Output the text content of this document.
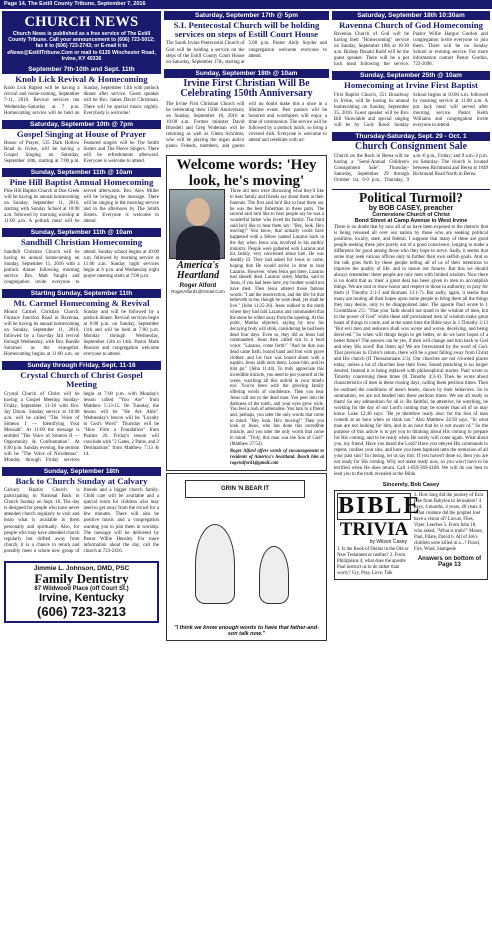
Page 14, The Estill County Tribune, September 7, 2016
CHURCH NEWS
Church News is published as a free service of The Estill County Tribune. Call your announcement to (606) 723-5012; fax it to (606) 723-2743; or E-mail it to eNews@EstillTribune.Com or mail to 6135 Winchester Road, Irvine, KY 40336
September 7th-10th and Sept. 11th
Knob Lick Revival & Homecoming
Knob Lick Baptist will be having a revival and home-coming, September 7-11, 2016. Revival services run Wednesday-Saturday at 7 p.m. Homecoming service will be held on Sunday, September 11th with potluck dinner after service. Guest speaker will be Bro. James David Christman. There will be special music nightly. Everybody is welcome!
Saturday, September 10th @ 7pm
Gospel Singing at House of Prayer
House of Prayer, 535 Dark Hollow Road in Irvine, will be having a Gospel Singing on Saturday, September 10th, starting at 7:00 p.m. Featured singers will be The Smith Sisters and The Pierce Singers. There will be refreshments afterward. Everyone is welcome to attend.
Sunday, September 11th @ 10am
Pine Hill Baptist Annual Homecoming
Pine Hill Baptist Church at Doe Creek will be having its annual homecoming on Sunday, September 11, 2016, starting with Sunday School at 10:00 a.m. followed by morning worship at 11:00 a.m. A potluck meal will be served afterwards. Bro. Alex Miller will be bringing the message. There will be singing in the morning service and in the afternoon by The Smith Sisters. Everyone is welcome to attend.
Sunday, September 11th @ 10am
Sandhill Christian Homecoming
Sandhill Christian Church will be having its annual homecoming on Sunday, September 11, 2016 with a potluck dinner following morning service. Bro. Matt Vaught and congregation invite everyone to attend. Sunday school begins at 10:00 a.m. followed by morning service at 11:00 a.m. Sunday night services begin at 6 p.m. and Wednesday night prayer meeting starts at 7:00 p.m.
Starting Sunday, September 11th
Mt. Carmel Homecoming & Revival
Mount Carmel Christian Church, Furnace Junction Road in Ravenna, will be having its annual homecoming on Sunday, September 11, 2016, followed by a four-day fall revival through Wednesday, with Bro. Randle Solomon as the evangelist. Homecoming begins at 11:00 a.m. on Sunday and will be followed by a potluck dinner. Revival services begin at 6:00 p.m. on Sunday, September 11th and will be held at 7:00 p.m. Monday through Wednesday, September 12th to 14th. Pastor Mark Pearson and congregation welcome everyone to attend.
Sunday through Friday, Sept. 11-16
Crystal Church of Christ Gospel Meeting
Crystal Church of Christ will be having a Gospel Meeting Sunday-Friday, September 11-16 with Bro. Jay Dixon. Sunday service at 10:00 a.m. will be called "The Voice of Simeon I — Identifying Your Messiah". At 11:00 the message is entitled "The Voice of Simeon II — Opportunity & Confrontation". At 6:00 p.m. Sunday evening, the sermon will be "The Voice of Nicodemus". Monday through Friday services begin at 7:00 p.m. with Monday's lesson called "You Are" from Matthew 5:13-15. On Tuesday, the lesson will be "He Are Able". Wednesday's lesson will be "Loyalty to God's Word". Thursday will be "How Firm a Foundation" from Psalms 26. Friday's lesson will conclude with "2 Gates, 2 Paths, and 2 Destinations" from Matthew 7:13 & 14.
Sunday, September 18th
Back to Church Sunday at Calvary
Calvary Baptist Church is participating in National Back to Church Sunday on Sept. 18. The day is designed for people who have never attended church regularly to visit and learn what is available to them personally and spiritually. Also, for people who may have attended church regularly but drifted away from church, it is a chance to return and possibly meet a whole new group of friends and a bigger church family. Child care will be available and a special room for children who may need to get away from the crowd for a few minutes. There will also be positive music and a congregation wanting you to join them in worship. The message will be delivered by Pastor Willie Hensley. For more information about the day, call the church at 723-2416.
Jimmie L. Johnson, DMD, PSC
Family Dentistry
87 Wildwood Place (off Court St.)
Irvine, Kentucky
(606) 723-3213
Saturday, September 17th @ 5pm
S.I. Pentecostal Church will be holding services on steps of Estill Court House
The South Irvine Pentecostal Church of God will be holding a service on the steps of the Estill County Court House on Saturday, September 17th, starting at 5:00 p.m. Pastor Andy Snyder and congregation welcome everyone to attend.
Sunday, September 18th @ 10am
Irvine First Christian Will Be Celebrating 150th Anniversary
The Irvine First Christian Church will be celebrating their 150th Anniversary on Sunday, September 18, 2016 at 10:00 a.m. Former minister David Blondell and Greg Wideman will be returning as well as Glenn Schrimer, who will be playing the organ and/or piano. Friends, members, and guests will no doubt make this a once in a lifetime event. Past pastors will be honored and worshipers will enjoy a time of communion. The service will be followed by a potluck lunch, so bring a covered dish. Everyone is welcome to attend and celebrate with us!
Welcome words: 'Hey look, he's moving'
America's Heartland
Roger Alford
RogerAlford1@Gmail.Com
Three old men were discussing what they'd like to hear family and friends say about them at their funerals. The first said he'd like to hear them say he was the best fisherman in these parts. The second said he'd like to hear people say he was a wonderful father who loved his family. The third said he'd like to hear them say: "Hey, look. He's moving!" You know, that actually could have happened with a fellow named Lazarus back in the day when Jesus was involved in his earthly ministry. People were gathered with Lazarus and his family, very concerned about him. He was deathly ill. They had asked for Jesus to come, hoping that He would arrive in time to heal Lazarus. However, when Jesus got there, Lazarus had already died. Lazarus' sister, Martha, said to Jesus, if you had been here, my brother would not have died. Then Jesus uttered those famous words: "I am the resurrection, and the life: he that believeth in me, though he were dead, yet shall he live." (John 11:25-26). Jesus walked to the tomb where they had laid Lazarus and commanded that the stone be rolled away from the opening. At this point, Martha objected, saying by now his decaying body will stink, considering he had been dead four days. Even so, they did as Jesus had commanded. Jesus then called out in a loud voice: "Lazarus, come forth!" "And he that was dead came forth, bound hand and foot with grave clothes: and his face was bound about with a napkin. Jesus saith unto them, Loose him, and let him go." (John 11:44). To truly appreciate this incredible miracle, you need to put yourself at the scene, watching all this unfold in your mind's eye. You've been with the grieving family offering words of condolence. Then you hear Jesus call out to the dead man. You peer into the darkness of the tomb, and your eyes grow wide. You feel a rush of adrenaline. You turn to a friend and, perhaps, you utter the only words that come to mind: "Hey look. He's moving!" Then you look at Jesus, who has done this incredible miracle, and you utter the only words that come to mind: "Truly, this man was the Son of God!" (Matthew 27:54).

Roger Alford offers words of encouragement to residents of America's heartland. Reach him at rogeralford1@gmail.com

GRIN 'N BEAR IT
"I think we know enough words to have that father-and-son talk now."
Saturday, September 18th 10:30am
Ravenna Church of God Homecoming
Ravenna Church of God will be having their "Homecoming" service on Sunday, September 18th at 10:30 a.m. Bishop Donald Rudd will be the guest speaker. There will be a pot luck meal following the service. Pastor Willie Hargus Gordon and congregation invite everyone to join them. There will be no Sunday School or evening service. For more information contact Pastor Gordon, 723-2698.
Sunday, September 25th @ 10am
Homecoming at Irvine First Baptist
First Baptist Church, 351 Broadway in Irvine, will be having its annual homecoming on Sunday, September 25, 2016. Guest speaker will be Bro. Bill Vanwinkle and special singing will be by Cody Rood. Sunday School begins at 10:00 a.m. followed by morning service at 11:00 a.m. A pot luck meal will served after morning service. Pastor Keith Williams and congregation invite everyone to attend.
Thursday-Saturday, Sept. 29 - Oct. 1
Church Consignment Sale
Church on the Rock in Berea will be having a "Semi-Annual Children's Consignment Sale". Thursday-Saturday, September 29 through October 1st, 6-9 p.m., Thursday, 9 a.m.-6 p.m., Friday; and 9 a.m.-2 p.m. on Saturday. The church is located between Richmond and Berea at 1049 Richmond Road North in Berea.
Political Turmoil?
by BOB CASEY, preacher
Cornerstone Church of Christ
Bond Street at Camp Avenue in West Irvine
There is no doubt that by now all of us have been exposed to the rhetoric that is being released all over our nation by those who are seeking political positions, locally, state, and federal. I suppose that many of these are good people seeking these jobs purely out of a good conscience, longing to make a difference for good among those who they hope to serve. Sadly, it seems that some may seek various offices only to further their own selfish goals. And so the talk goes forth by these people telling all of us of their intentions to improve the quality of life, and to insure our futures. But this we should always remember: these people are only men with limited wisdom. Now there is no doubt that as 'men' a great deal has been given to men to accomplish things. We are told to show honor and respect to those in authority, to pray for them (1 Timothy 2:1-3 and Romans 13:1-7). But sadly, again, it seems that many are touting all their hopes upon some people to bring them all the things they may desire, only to be disappointed later. The apostle Paul wrote to 1 Corinthians 2:5: "That your faith should not stand in the wisdom of men, but in the power of God" while these self proclaimed men of wisdom make great boast of things to come, and at the same time the Bible says in 1 Timothy 3:13 "But evil men and seducers shall wax worse and worse, deceiving, and being deceived." So when will things begin to get better, or do we have hopes of a better future? The answer can be yes, if men will change and turn back to God and obey His word! But listen up! We are forewarned by the word of God. That previous to Christ's return, there will be a great falling away from Christ and His church (II Thessalonians 2:3). Our churches are not crowded places today, unless a lot of churches lose their lives. Sound preaching is no longer desired. Instead it is being replaced with philosophical stories. Paul wrote to Timothy concerning these times (II Timothy 4:3-4). Then he wrote about characteristics of men in these closing days, calling them perilous times. Then he outlined the conditions of men's hearts, shown by their behaviors. So in summation, we are not headed into these perilous times. We are all ready in them! So any admonition for all is: Be faithful, be attentive, be watching, be working for the day of our Lord's coming may be sooner than all of us may know. Luke 12:40 says: "Be ye therefore ready also: for the Son of man cometh at an hour when ye think not." Also Matthew 24:50 says, "In what man are not looking for him, and in an hour that he is not aware of." So the purpose of this article is to get you to thinking about His coming to prepare for His coming, and to be ready when He surely will come again. What about you, my friend. Have you heard the Lord? Have you obeyed His commands to repent, confess your sins, and have you been baptized unto the remission of all your past sins? In closing, let us say this: If you haven't done so, then you are not ready for His coming. Why not make ready now, so you won't have to be terrified when He does return. Call 1-859-369-4168. We will do our best to lead you to the truth revealed in the Bible.
Sincerely, Bob Casey
BIBLE
TRIVIA
by Wilson Casey
1. Is the Book of Derius in the Old or New Testament or neither? 2. From Philippians 4, what does the apostle Paul instruct us to do rather than worry? Cry, Pray, Love, Talk
3. How long did the journey of Ezra take from Babylon to Jerusalem? 4 days, 4 months, 4 years, 40 years 4. What creature did the prophet Joel have a vision of? Locust, Flies, Viper, Leeches 5. From John 18, who asked, "What is truth?" Moses, Paul, Pilate, David 6. All of Job's children were killed in a...? Flood, Fire, Wind, Stampede
Answers on bottom of Page 13
